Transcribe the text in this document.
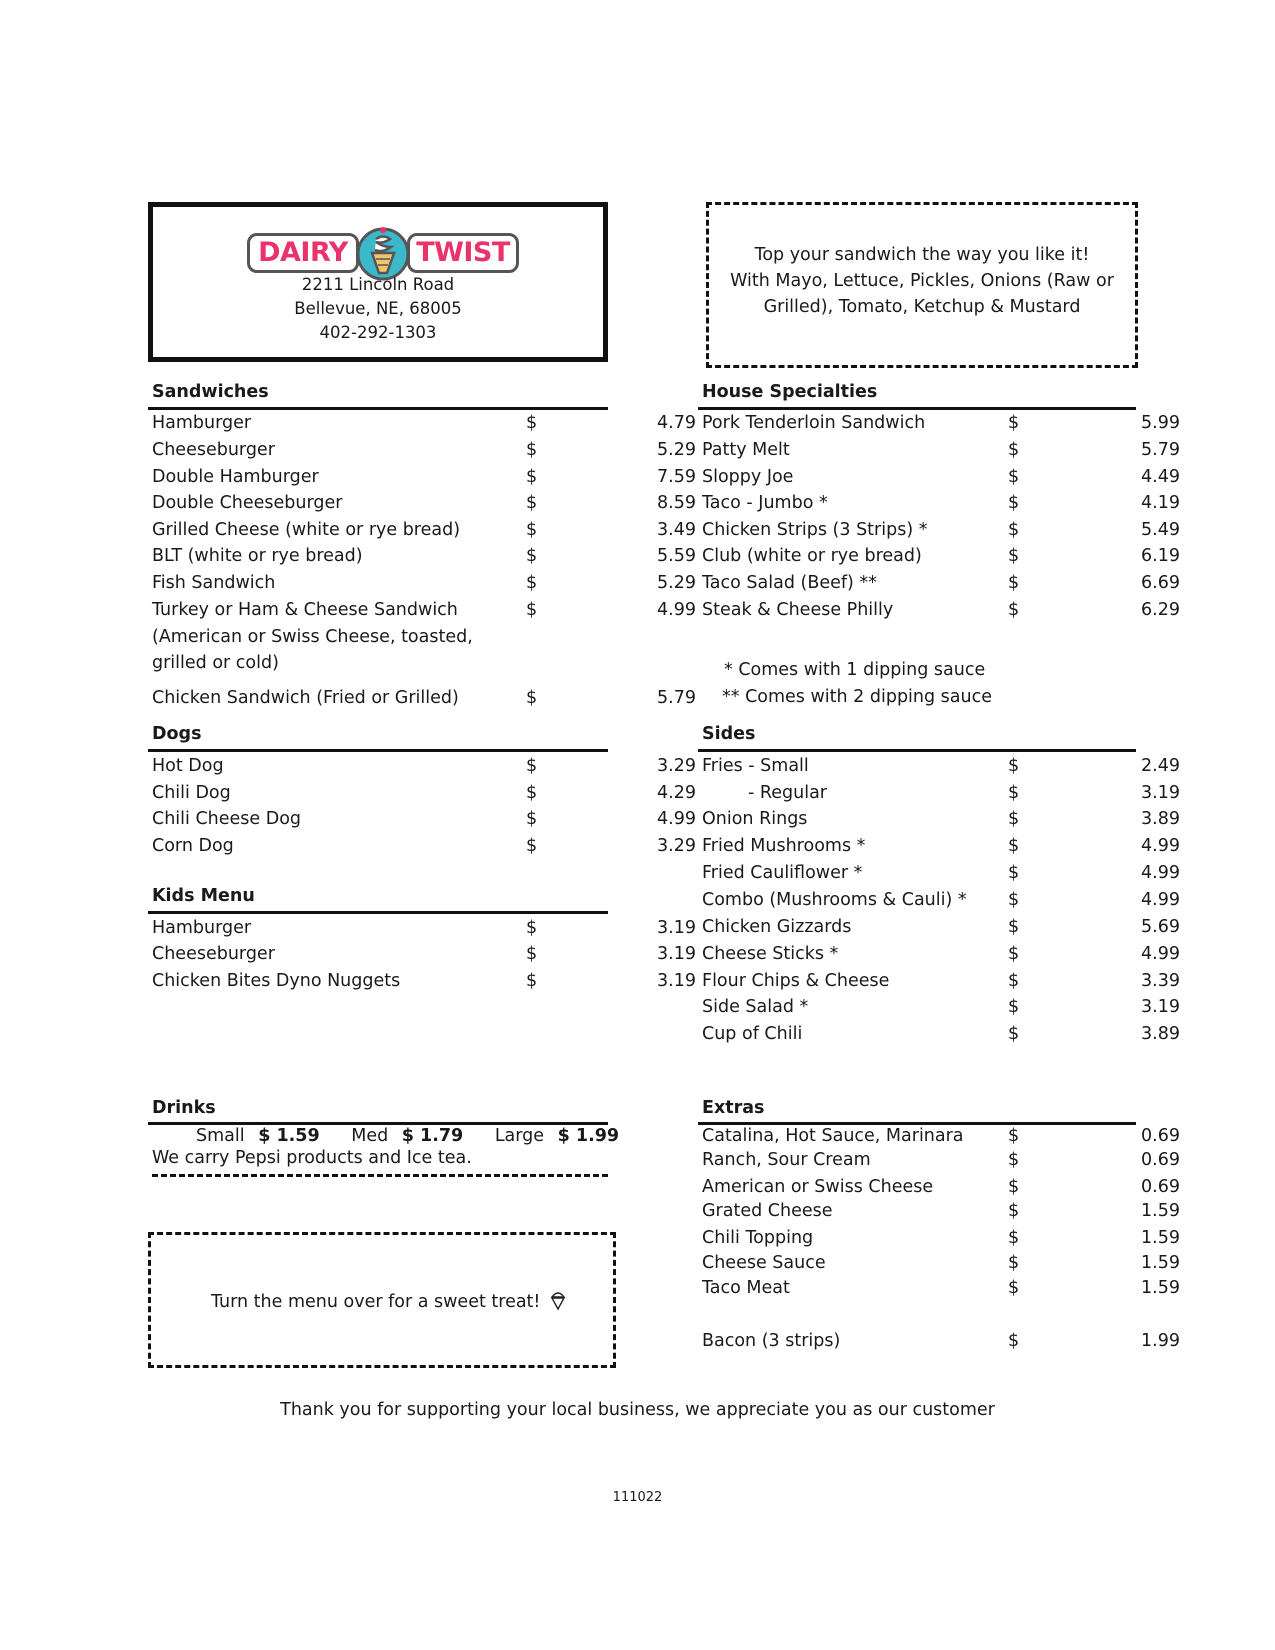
DAIRY	TWIST
2211 Lincoln Road
Bellevue, NE, 68005
402-292-1303
Top your sandwich the way you like it!
With Mayo, Lettuce, Pickles, Onions (Raw or
Grilled), Tomato, Ketchup & Mustard
Sandwiches
Hamburger	$	4.79
Cheeseburger	$	5.29
Double Hamburger	$	7.59
Double Cheeseburger	$	8.59
Grilled Cheese (white or rye bread)	$	3.49
BLT (white or rye bread)	$	5.59
Fish Sandwich	$	5.29
Turkey or Ham & Cheese Sandwich	$	4.99
Chicken Sandwich (Fried or Grilled)	$	5.79
(American or Swiss Cheese, toasted,
grilled or cold)
Dogs
Kids Menu
Hot Dog	$	3.29
Chili Dog	$	4.29
Chili Cheese Dog	$	4.99
Corn Dog	$	3.29
Hamburger	$	3.19
Cheeseburger	$	3.19
Chicken Bites Dyno Nuggets	$	3.19
Drinks
Small $ 1.59 Med $ 1.79 Large $ 1.99
We carry Pepsi products and Ice tea.
Turn the menu over for a sweet treat!
House Specialties
Pork Tenderloin Sandwich	$	5.99
Patty Melt	$	5.79
Sloppy Joe	$	4.49
Taco - Jumbo *	$	4.19
Chicken Strips (3 Strips) *	$	5.49
Club (white or rye bread)	$	6.19
Taco Salad (Beef) **	$	6.69
Steak & Cheese Philly	$	6.29
Fries - Small	$	2.49
- Regular	$	3.19
Onion Rings	$	3.89
Fried Mushrooms *	$	4.99
Fried Cauliflower *	$	4.99
Combo (Mushrooms & Cauli) * $	4.99
Chicken Gizzards	$	5.69
Cheese Sticks *	$	4.99
Flour Chips & Cheese	$	3.39
Side Salad *	$	3.19
Cup of Chili	$	3.89
Catalina, Hot Sauce, Marinara	$	0.69
Ranch, Sour Cream	$	0.69
American or Swiss Cheese	$	0.69
Grated Cheese	$	1.59
Chili Topping	$	1.59
Cheese Sauce	$	1.59
Taco Meat	$	1.59
Bacon (3 strips)	$	1.99
* Comes with 1 dipping sauce
** Comes with 2 dipping sauce
Sides
Extras
Thank you for supporting your local business, we appreciate you as our customer
111022
